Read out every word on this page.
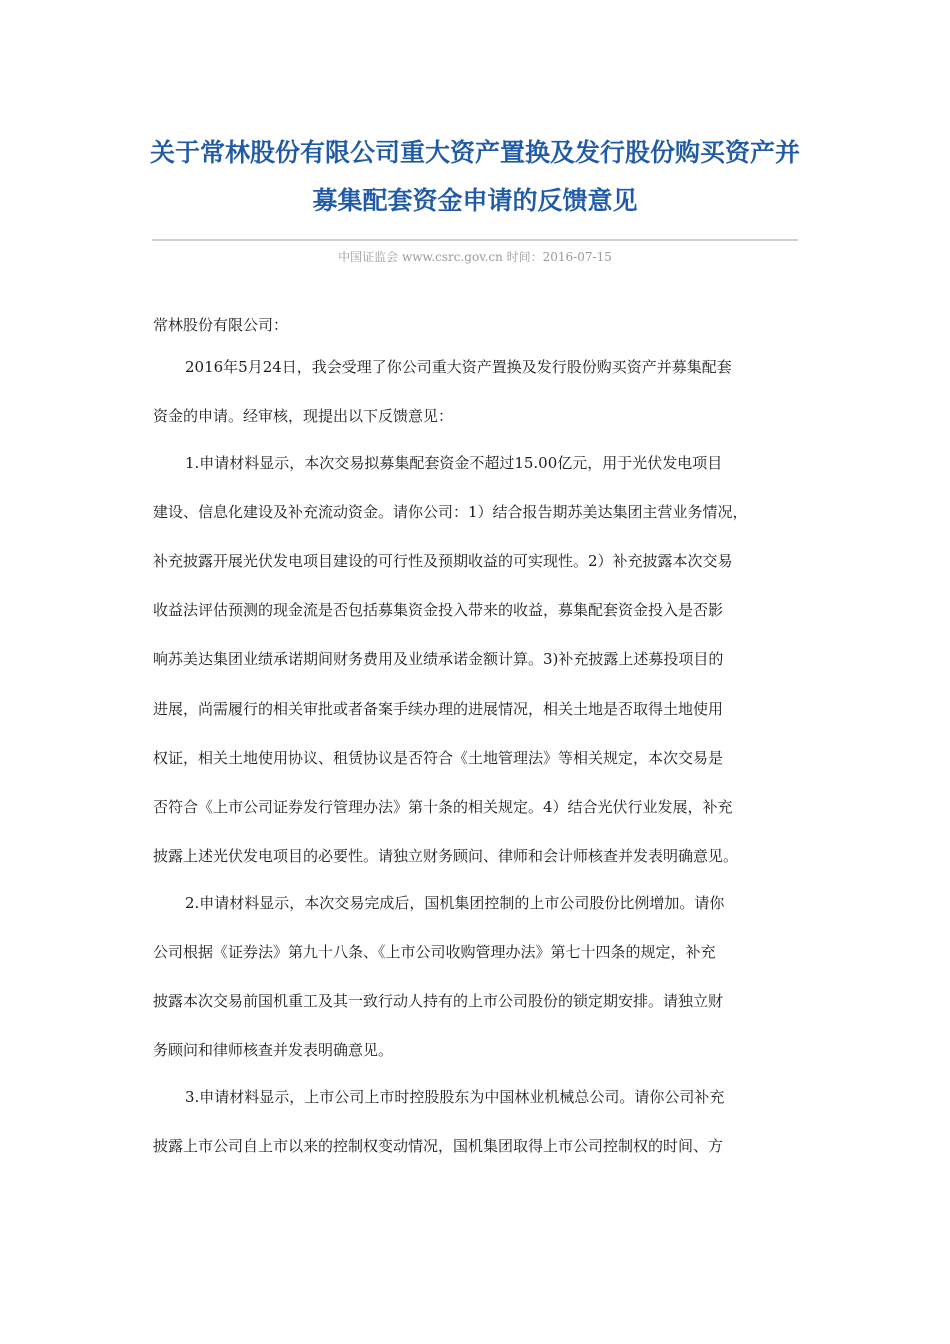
关于常林股份有限公司重大资产置换及发行股份购买资产并
募集配套资金申请的反馈意见
中国证监会 www.csrc.gov.cn 时间：2016-07-15
常林股份有限公司：
2016年5月24日，我会受理了你公司重大资产置换及发行股份购买资产并募集配套
资金的申请。经审核，现提出以下反馈意见：
1.申请材料显示，本次交易拟募集配套资金不超过15.00亿元，用于光伏发电项目
建设、信息化建设及补充流动资金。请你公司：1）结合报告期苏美达集团主营业务情况，
补充披露开展光伏发电项目建设的可行性及预期收益的可实现性。2）补充披露本次交易
收益法评估预测的现金流是否包括募集资金投入带来的收益，募集配套资金投入是否影
响苏美达集团业绩承诺期间财务费用及业绩承诺金额计算。3)补充披露上述募投项目的
进展，尚需履行的相关审批或者备案手续办理的进展情况，相关土地是否取得土地使用
权证，相关土地使用协议、租赁协议是否符合《土地管理法》等相关规定，本次交易是
否符合《上市公司证券发行管理办法》第十条的相关规定。4）结合光伏行业发展，补充
披露上述光伏发电项目的必要性。请独立财务顾问、律师和会计师核查并发表明确意见。
2.申请材料显示，本次交易完成后，国机集团控制的上市公司股份比例增加。请你
公司根据《证券法》第九十八条、《上市公司收购管理办法》第七十四条的规定，补充
披露本次交易前国机重工及其一致行动人持有的上市公司股份的锁定期安排。请独立财
务顾问和律师核查并发表明确意见。
3.申请材料显示，上市公司上市时控股股东为中国林业机械总公司。请你公司补充
披露上市公司自上市以来的控制权变动情况，国机集团取得上市公司控制权的时间、方
